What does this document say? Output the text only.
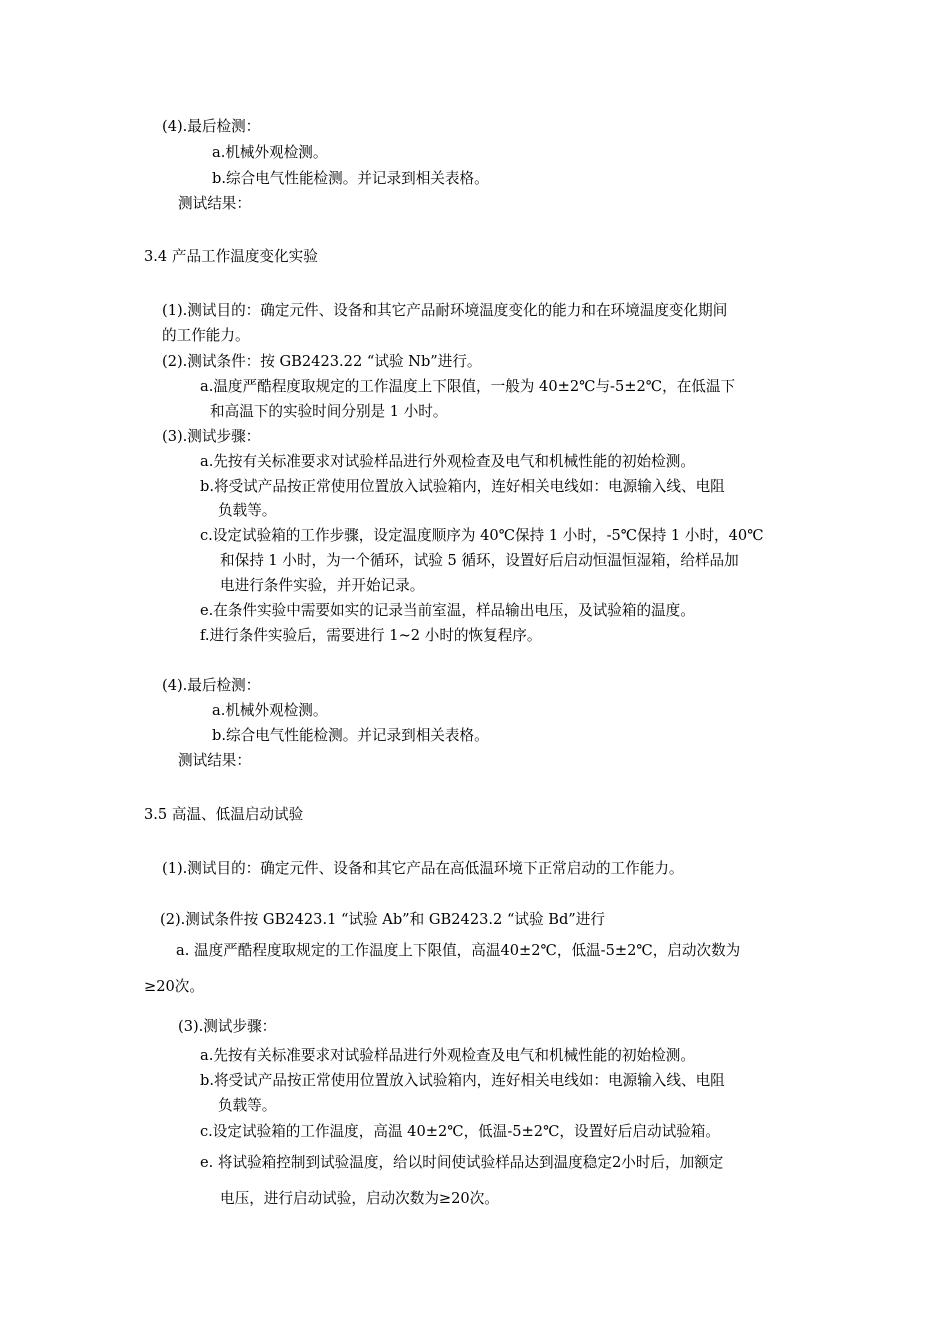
(4).最后检测：
a.机械外观检测。
b.综合电气性能检测。并记录到相关表格。
测试结果：
3.4 产品工作温度变化实验
(1).测试目的：确定元件、设备和其它产品耐环境温度变化的能力和在环境温度变化期间
的工作能力。
(2).测试条件：按 GB2423.22 “试验 Nb”进行。
a.温度严酷程度取规定的工作温度上下限值，一般为 40±2℃与-5±2℃，在低温下
和高温下的实验时间分别是 1 小时。
(3).测试步骤：
a.先按有关标准要求对试验样品进行外观检查及电气和机械性能的初始检测。
b.将受试产品按正常使用位置放入试验箱内，连好相关电线如：电源输入线、电阻
负载等。
c.设定试验箱的工作步骤，设定温度顺序为 40℃保持 1 小时，-5℃保持 1 小时，40℃
和保持 1 小时，为一个循环，试验 5 循环，设置好后启动恒温恒湿箱，给样品加
电进行条件实验，并开始记录。
e.在条件实验中需要如实的记录当前室温，样品输出电压，及试验箱的温度。
f.进行条件实验后，需要进行 1~2 小时的恢复程序。
(4).最后检测：
a.机械外观检测。
b.综合电气性能检测。并记录到相关表格。
测试结果：
3.5 高温、低温启动试验
(1).测试目的：确定元件、设备和其它产品在高低温环境下正常启动的工作能力。
(2).测试条件按 GB2423.1 “试验 Ab”和 GB2423.2 “试验 Bd”进行
a. 温度严酷程度取规定的工作温度上下限值，高温40±2℃，低温-5±2℃，启动次数为
≥20次。
(3).测试步骤：
a.先按有关标准要求对试验样品进行外观检查及电气和机械性能的初始检测。
b.将受试产品按正常使用位置放入试验箱内，连好相关电线如：电源输入线、电阻
负载等。
c.设定试验箱的工作温度，高温 40±2℃，低温-5±2℃，设置好后启动试验箱。
e. 将试验箱控制到试验温度，给以时间使试验样品达到温度稳定2小时后，加额定
电压，进行启动试验，启动次数为≥20次。
